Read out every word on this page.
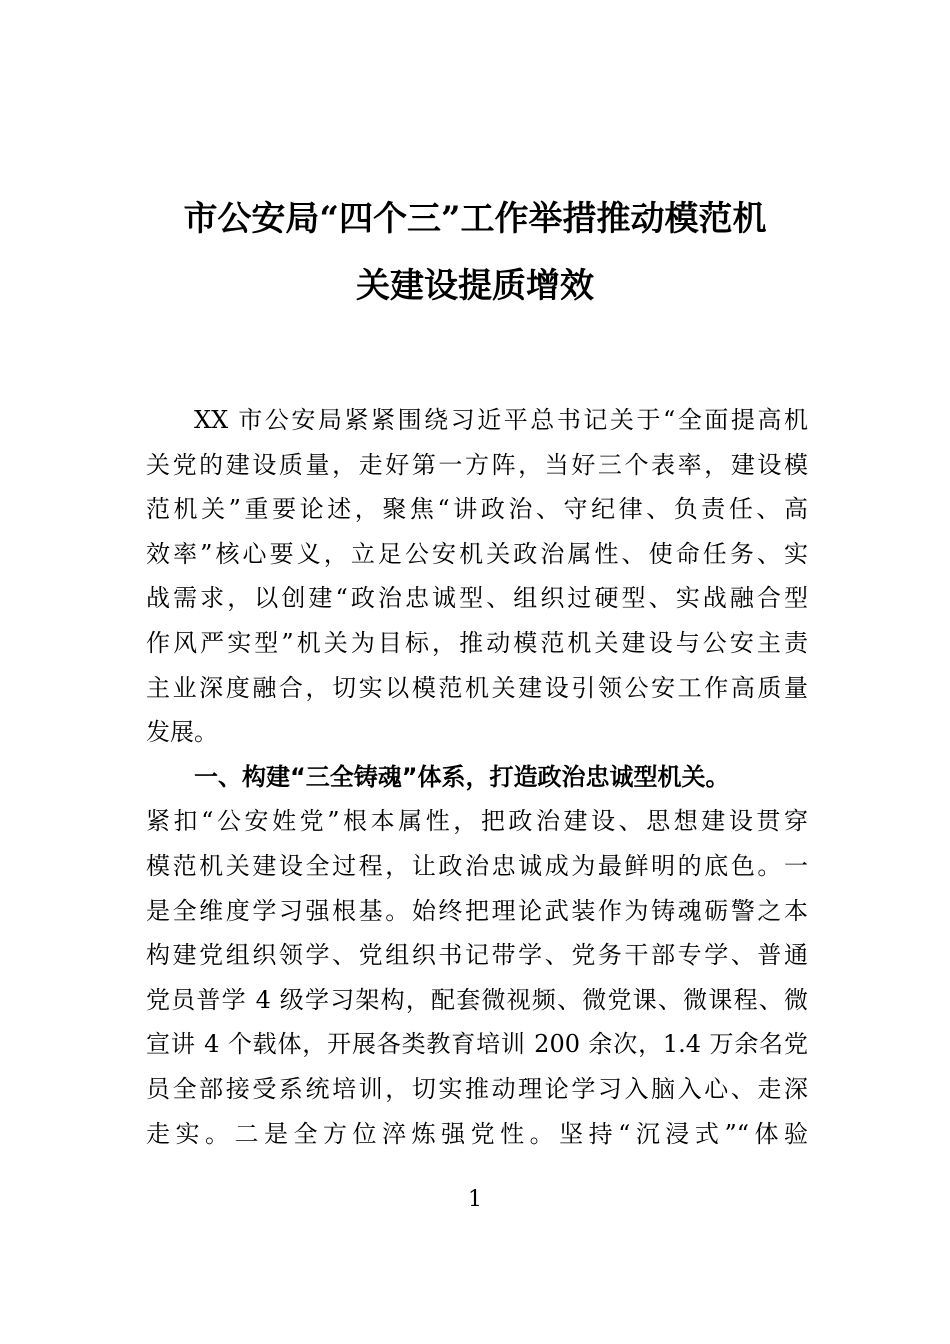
市公安局“四个三”工作举措推动模范机
关建设提质增效

XX 市公安局紧紧围绕习近平总书记关于“全面提高机

关党的建设质量，走好第一方阵，当好三个表率，建设模

范机关”重要论述，聚焦“讲政治、守纪律、负责任、高

效率”核心要义，立足公安机关政治属性、使命任务、实

战需求，以创建“政治忠诚型、组织过硬型、实战融合型

作风严实型”机关为目标，推动模范机关建设与公安主责

主业深度融合，切实以模范机关建设引领公安工作高质量

发展。

一、构建“三全铸魂”体系，打造政治忠诚型机关。

紧扣“公安姓党”根本属性，把政治建设、思想建设贯穿

模范机关建设全过程，让政治忠诚成为最鲜明的底色。一

是全维度学习强根基。始终把理论武装作为铸魂砺警之本

构建党组织领学、党组织书记带学、党务干部专学、普通

党员普学 4 级学习架构，配套微视频、微党课、微课程、微

宣讲 4 个载体，开展各类教育培训 200 余次，1.4 万余名党

员全部接受系统培训，切实推动理论学习入脑入心、走深

走实。二是全方位淬炼强党性。坚持“沉浸式”“体验

1
